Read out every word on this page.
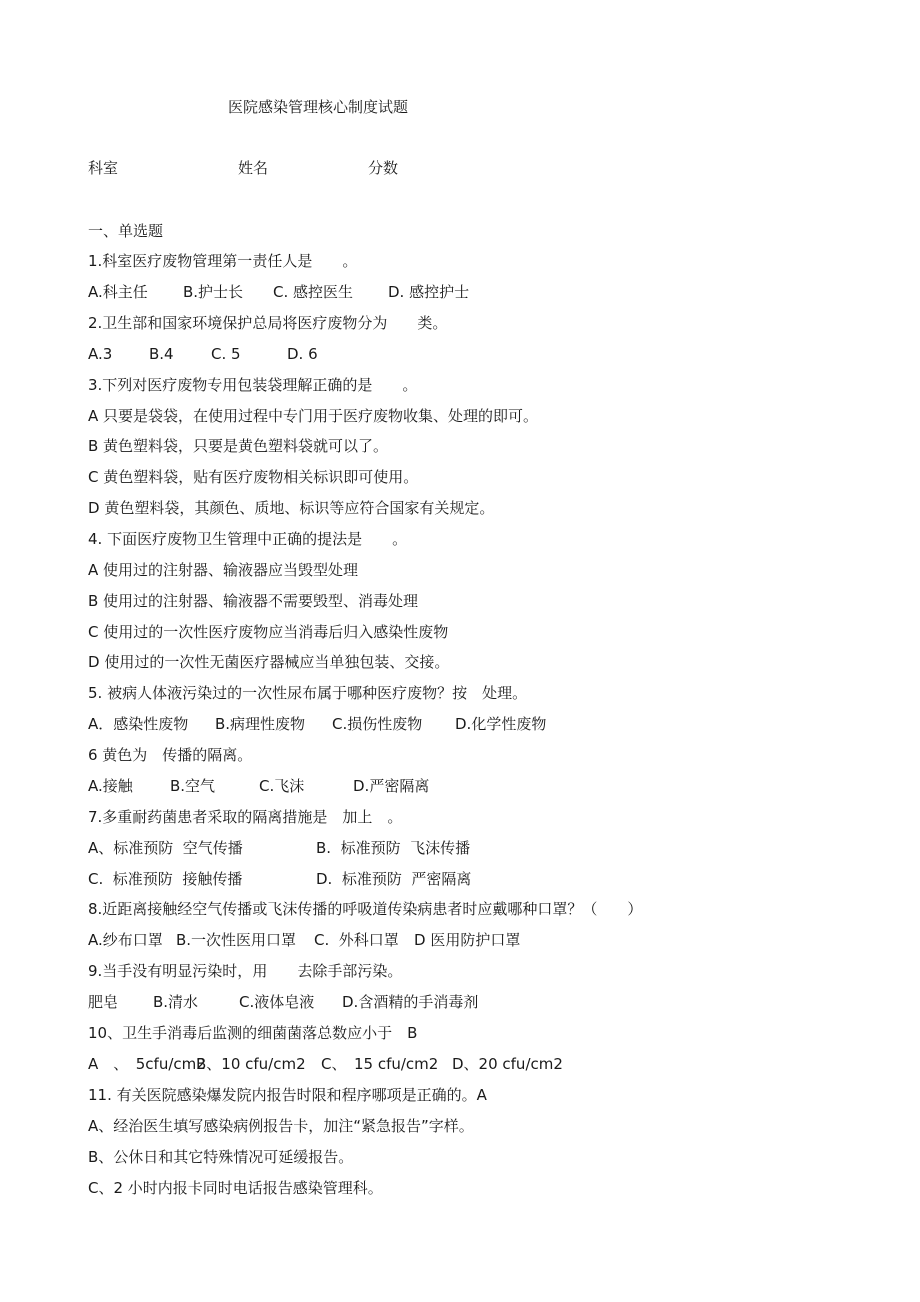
医院感染管理核心制度试题

科室

	姓名

	分数

一、单选题

1.科室医疗废物管理第一责任人是　　。

A.科主任

B.护士长

C. 感控医生

D. 感控护士

2.卫生部和国家环境保护总局将医疗废物分为　　类。

A.3

B.4

C. 5

	D. 6

3.下列对医疗废物专用包装袋理解正确的是　　。

A 只要是袋袋，在使用过程中专门用于医疗废物收集、处理的即可。

B 黄色塑料袋，只要是黄色塑料袋就可以了。

C 黄色塑料袋，贴有医疗废物相关标识即可使用。

D 黄色塑料袋，其颜色、质地、标识等应符合国家有关规定。

4. 下面医疗废物卫生管理中正确的提法是　　。

A 使用过的注射器、输液器应当毁型处理

B 使用过的注射器、输液器不需要毁型、消毒处理

C 使用过的一次性医疗废物应当消毒后归入感染性废物

D 使用过的一次性无菌医疗器械应当单独包装、交接。

5. 被病人体液污染过的一次性尿布属于哪种医疗废物？按　处理。

A．感染性废物

B.病理性废物

C.损伤性废物

D.化学性废物

6 黄色为　传播的隔离。

A.接触

B.空气

	C.飞沫

	D.严密隔离

7.多重耐药菌患者采取的隔离措施是　加上　。

A、标准预防  空气传播

	B.  标准预防  飞沫传播

C.  标准预防  接触传播

	D.  标准预防  严密隔离

8.近距离接触经空气传播或飞沫传播的呼吸道传染病患者时应戴哪种口罩？（　　）

A.纱布口罩

B.一次性医用口罩

C.  外科口罩

D 医用防护口罩

9.当手没有明显污染时，用　　去除手部污染。

肥皂

B.清水

	C.液体皂液

D.含酒精的手消毒剂

10、卫生手消毒后监测的细菌菌落总数应小于　B

A　、　5cfu/cm2

B、10 cfu/cm2

C、　15 cfu/cm2

D、20 cfu/cm2

11. 有关医院感染爆发院内报告时限和程序哪项是正确的。A

A、经治医生填写感染病例报告卡，加注“紧急报告”字样。

B、公休日和其它特殊情况可延缓报告。

C、2 小时内报卡同时电话报告感染管理科。
